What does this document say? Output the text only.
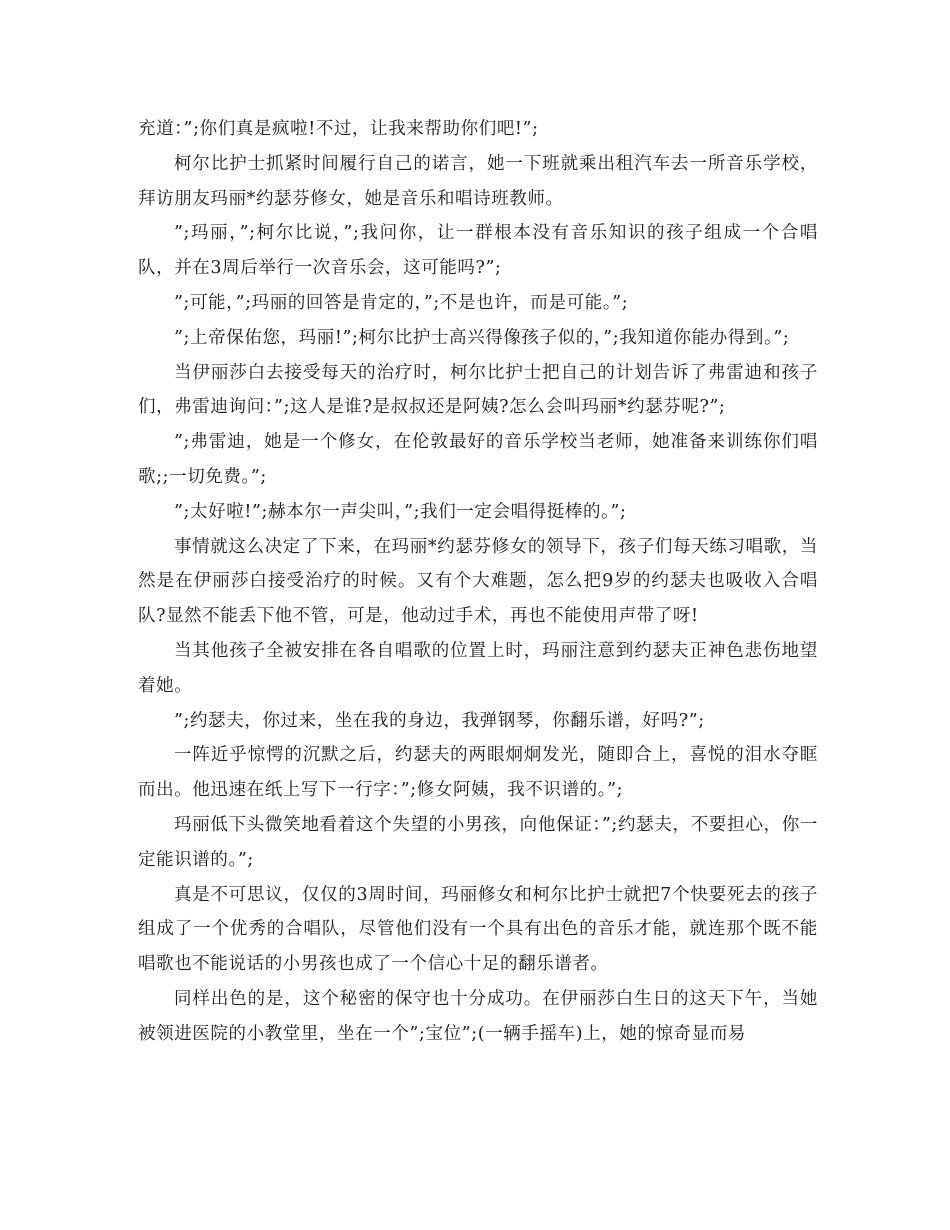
充道：”;你们真是疯啦!不过，让我来帮助你们吧!”;

柯尔比护士抓紧时间履行自己的诺言，她一下班就乘出租汽车去一所音乐学校，拜访朋友玛丽*约瑟芬修女，她是音乐和唱诗班教师。

”;玛丽，”;柯尔比说，”;我问你，让一群根本没有音乐知识的孩子组成一个合唱队，并在3周后举行一次音乐会，这可能吗?”;

”;可能，”;玛丽的回答是肯定的，”;不是也许，而是可能。”;

”;上帝保佑您，玛丽!”;柯尔比护士高兴得像孩子似的，”;我知道你能办得到。”;

当伊丽莎白去接受每天的治疗时，柯尔比护士把自己的计划告诉了弗雷迪和孩子们，弗雷迪询问：”;这人是谁?是叔叔还是阿姨?怎么会叫玛丽*约瑟芬呢?”;

”;弗雷迪，她是一个修女，在伦敦最好的音乐学校当老师，她准备来训练你们唱歌;;一切免费。”;

”;太好啦!”;赫本尔一声尖叫，”;我们一定会唱得挺棒的。”;

事情就这么决定了下来，在玛丽*约瑟芬修女的领导下，孩子们每天练习唱歌，当然是在伊丽莎白接受治疗的时候。又有个大难题，怎么把9岁的约瑟夫也吸收入合唱队?显然不能丢下他不管，可是，他动过手术，再也不能使用声带了呀!

当其他孩子全被安排在各自唱歌的位置上时，玛丽注意到约瑟夫正神色悲伤地望着她。

”;约瑟夫，你过来，坐在我的身边，我弹钢琴，你翻乐谱，好吗?”;

一阵近乎惊愕的沉默之后，约瑟夫的两眼炯炯发光，随即合上，喜悦的泪水夺眶而出。他迅速在纸上写下一行字：”;修女阿姨，我不识谱的。”;

玛丽低下头微笑地看着这个失望的小男孩，向他保证：”;约瑟夫，不要担心，你一定能识谱的。”;

真是不可思议，仅仅的3周时间，玛丽修女和柯尔比护士就把7个快要死去的孩子组成了一个优秀的合唱队，尽管他们没有一个具有出色的音乐才能，就连那个既不能唱歌也不能说话的小男孩也成了一个信心十足的翻乐谱者。

同样出色的是，这个秘密的保守也十分成功。在伊丽莎白生日的这天下午，当她被领进医院的小教堂里，坐在一个”;宝位”;(一辆手摇车)上，她的惊奇显而易
